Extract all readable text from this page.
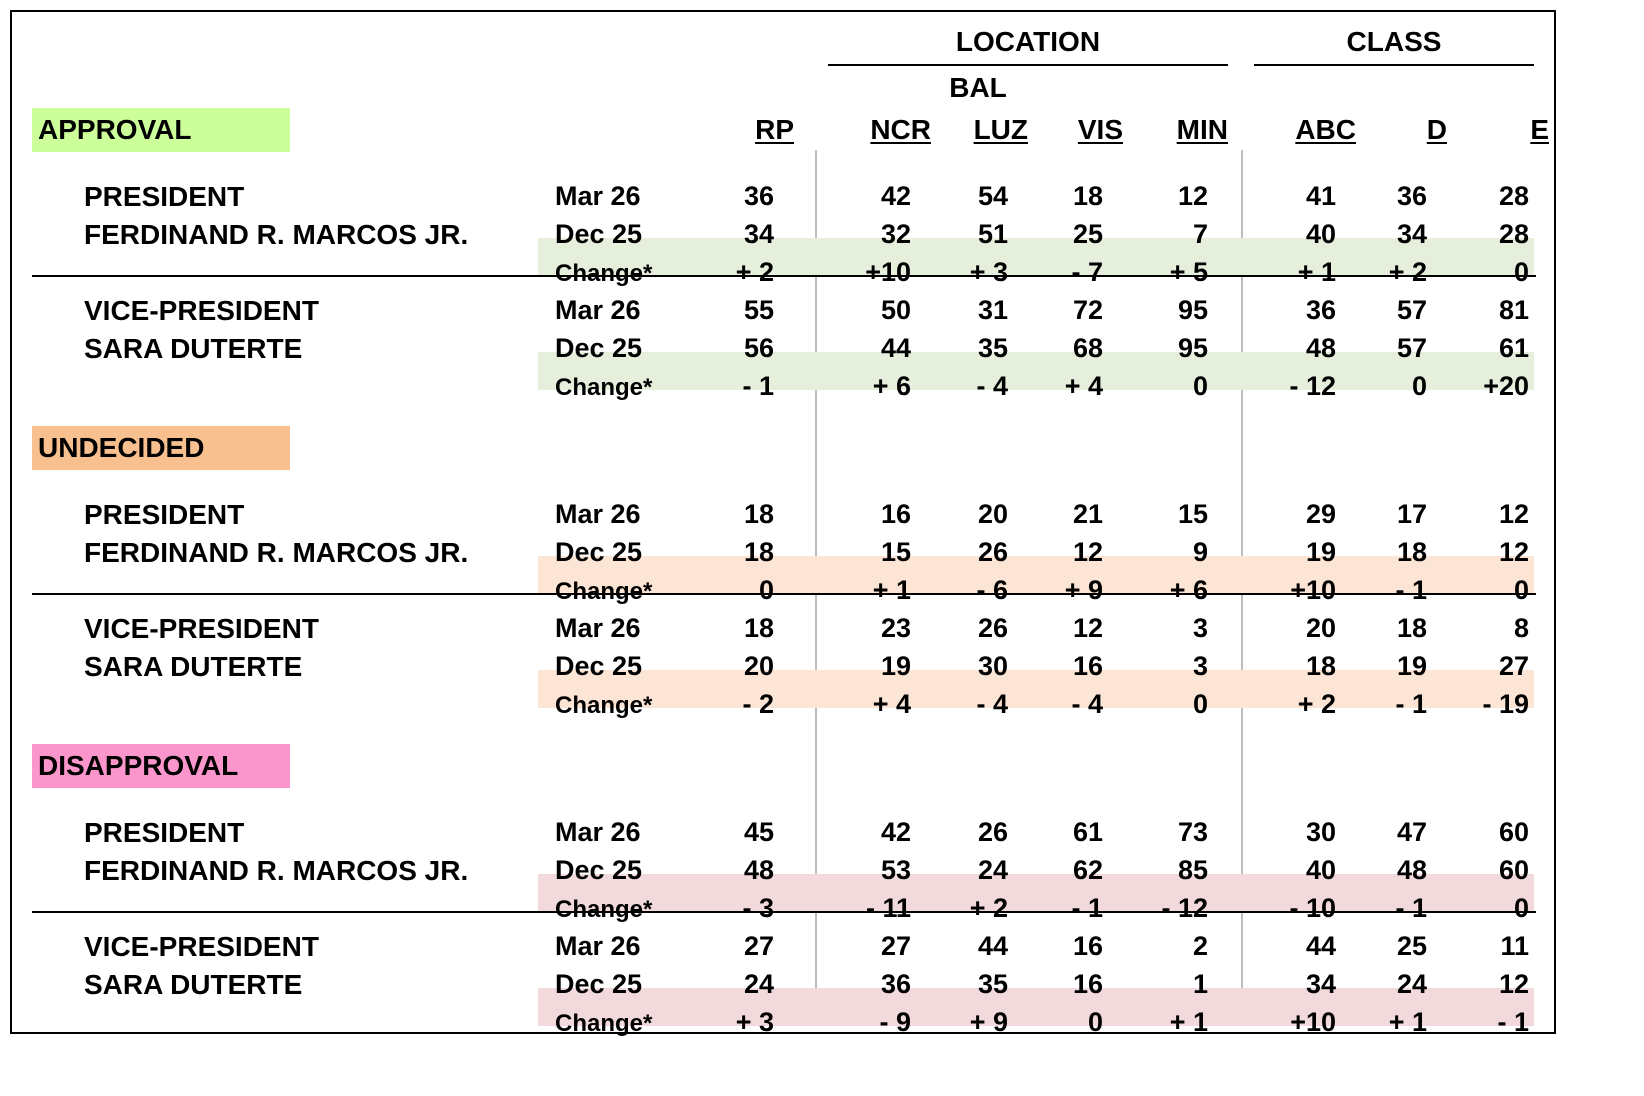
LOCATION	CLASS
BAL
RP	NCR	LUZ	VIS	MIN	ABC	D	E
APPROVAL
PRESIDENT
FERDINAND R. MARCOS JR.
Mar 26	36	42	54	18	12	41	36	28
Dec 25	34	32	51	25	7	40	34	28
Change*	+ 2	+10	+ 3	- 7	+ 5	+ 1	+ 2	0
VICE-PRESIDENT
SARA DUTERTE
Mar 26	55	50	31	72	95	36	57	81
Dec 25	56	44	35	68	95	48	57	61
Change*	- 1	+ 6	- 4	+ 4	0	- 12	0	+20
UNDECIDED
PRESIDENT
FERDINAND R. MARCOS JR.
Mar 26	18	16	20	21	15	29	17	12
Dec 25	18	15	26	12	9	19	18	12
Change*	0	+ 1	- 6	+ 9	+ 6	+10	- 1	0
VICE-PRESIDENT
SARA DUTERTE
Mar 26	18	23	26	12	3	20	18	8
Dec 25	20	19	30	16	3	18	19	27
Change*	- 2	+ 4	- 4	- 4	0	+ 2	- 1	- 19
DISAPPROVAL
PRESIDENT
FERDINAND R. MARCOS JR.
Mar 26	45	42	26	61	73	30	47	60
Dec 25	48	53	24	62	85	40	48	60
Change*	- 3	- 11	+ 2	- 1	- 12	- 10	- 1	0
VICE-PRESIDENT
SARA DUTERTE
Mar 26	27	27	44	16	2	44	25	11
Dec 25	24	36	35	16	1	34	24	12
Change*	+ 3	- 9	+ 9	0	+ 1	+10	+ 1	- 1
